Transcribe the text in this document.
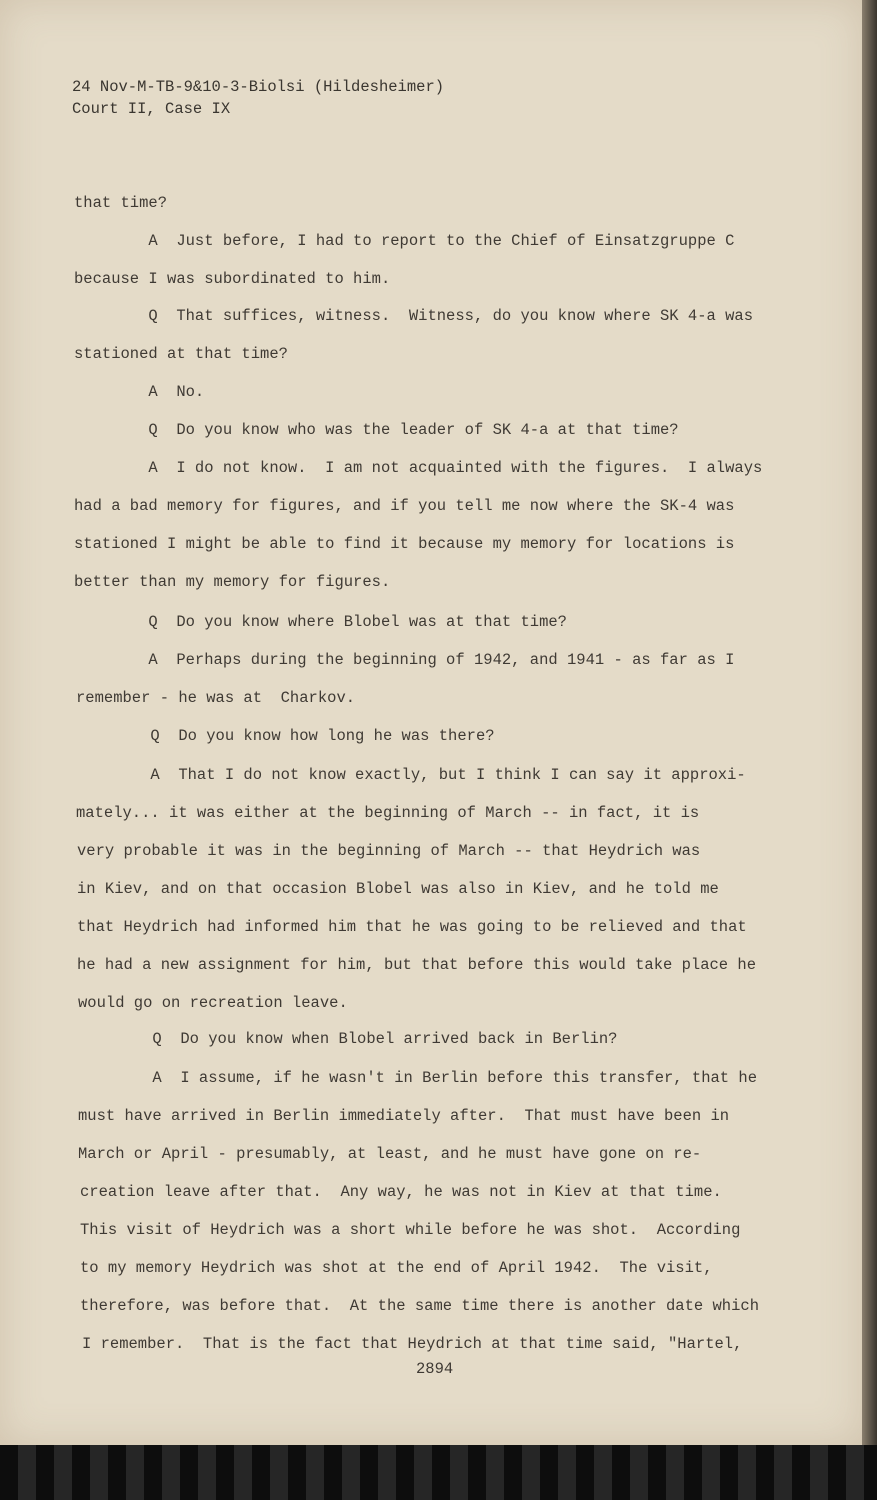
24 Nov-M-TB-9&10-3-Biolsi (Hildesheimer)
Court II, Case IX
that time?
A  Just before, I had to report to the Chief of Einsatzgruppe C
because I was subordinated to him.
Q  That suffices, witness.  Witness, do you know where SK 4-a was
stationed at that time?
A  No.
Q  Do you know who was the leader of SK 4-a at that time?
A  I do not know.  I am not acquainted with the figures.  I always
had a bad memory for figures, and if you tell me now where the SK-4 was
stationed I might be able to find it because my memory for locations is
better than my memory for figures.
Q  Do you know where Blobel was at that time?
A  Perhaps during the beginning of 1942, and 1941 - as far as I
remember - he was at  Charkov.
Q  Do you know how long he was there?
A  That I do not know exactly, but I think I can say it approxi-
mately... it was either at the beginning of March -- in fact, it is
very probable it was in the beginning of March -- that Heydrich was
in Kiev, and on that occasion Blobel was also in Kiev, and he told me
that Heydrich had informed him that he was going to be relieved and that
he had a new assignment for him, but that before this would take place he
would go on recreation leave.
Q  Do you know when Blobel arrived back in Berlin?
A  I assume, if he wasn't in Berlin before this transfer, that he
must have arrived in Berlin immediately after.  That must have been in
March or April - presumably, at least, and he must have gone on re-
creation leave after that.  Any way, he was not in Kiev at that time.
This visit of Heydrich was a short while before he was shot.  According
to my memory Heydrich was shot at the end of April 1942.  The visit,
therefore, was before that.  At the same time there is another date which
I remember.  That is the fact that Heydrich at that time said, "Hartel,
2894
